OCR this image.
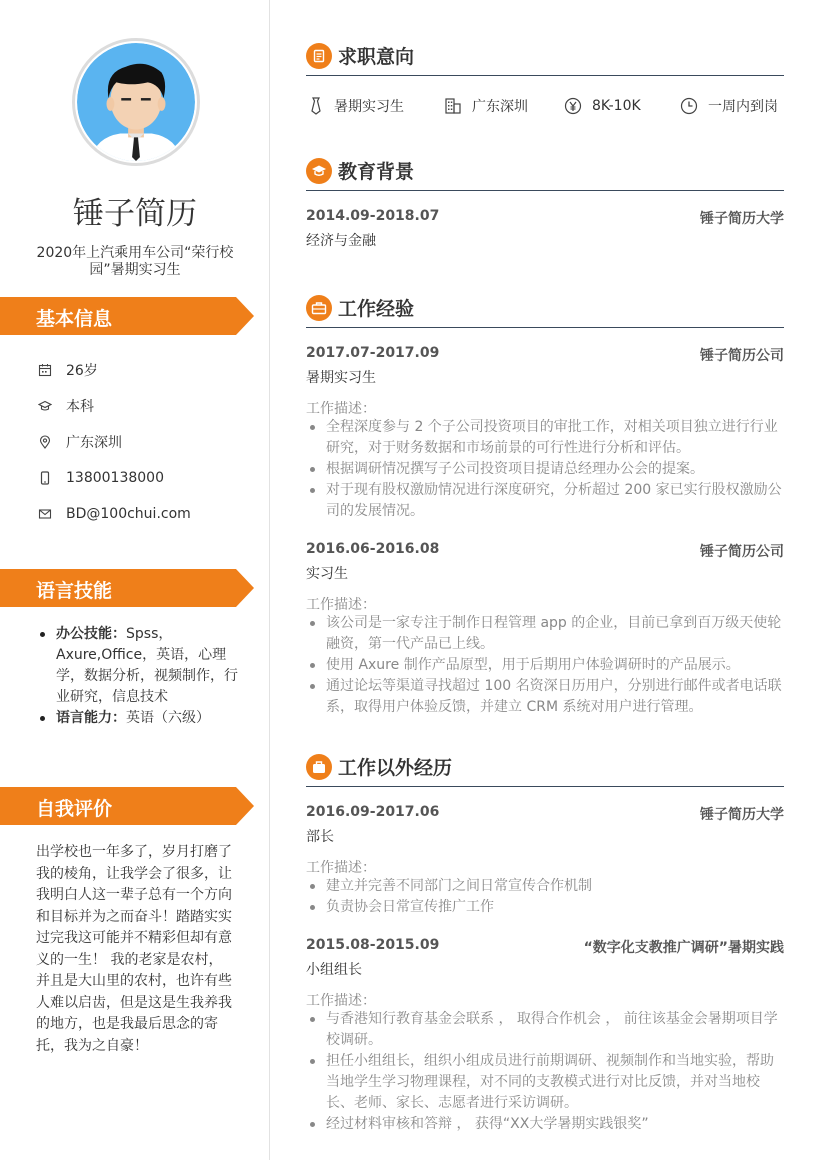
锤子简历
2020年上汽乘用车公司“荣行校园”暑期实习生
基本信息
26岁
本科
广东深圳
13800138000
BD@100chui.com
语言技能
办公技能：Spss，Axure,Office，英语，心理学，数据分析，视频制作，行业研究，信息技术
语言能力：英语（六级）
自我评价
出学校也一年多了，岁月打磨了我的棱角，让我学会了很多，让我明白人这一辈子总有一个方向和目标并为之而奋斗！踏踏实实过完我这可能并不精彩但却有意义的一生！ 我的老家是农村，并且是大山里的农村，也许有些人难以启齿，但是这是生我养我的地方，也是我最后思念的寄托，我为之自豪！
求职意向
暑期实习生	广东深圳	8K-10K	一周内到岗
教育背景
2014.09-2018.07	锤子简历大学
经济与金融
工作经验
2017.07-2017.09	锤子简历公司
暑期实习生
工作描述：
全程深度参与 2 个子公司投资项目的审批工作，对相关项目独立进行行业研究，对于财务数据和市场前景的可行性进行分析和评估。
根据调研情况撰写子公司投资项目提请总经理办公会的提案。
对于现有股权激励情况进行深度研究，分析超过 200 家已实行股权激励公司的发展情况。
2016.06-2016.08	锤子简历公司
实习生
工作描述：
该公司是一家专注于制作日程管理 app 的企业，目前已拿到百万级天使轮融资，第一代产品已上线。
使用 Axure 制作产品原型，用于后期用户体验调研时的产品展示。
通过论坛等渠道寻找超过 100 名资深日历用户，分别进行邮件或者电话联系，取得用户体验反馈，并建立 CRM 系统对用户进行管理。
工作以外经历
2016.09-2017.06	锤子简历大学
部长
工作描述：
建立并完善不同部门之间日常宣传合作机制
负责协会日常宣传推广工作
2015.08-2015.09	“数字化支教推广调研”暑期实践
小组组长
工作描述：
与香港知行教育基金会联系 ， 取得合作机会 ， 前往该基金会暑期项目学校调研。
担任小组组长，组织小组成员进行前期调研、视频制作和当地实验，帮助当地学生学习物理课程，对不同的支教模式进行对比反馈，并对当地校长、老师、家长、志愿者进行采访调研。
经过材料审核和答辩 ， 获得“XX大学暑期实践银奖”
